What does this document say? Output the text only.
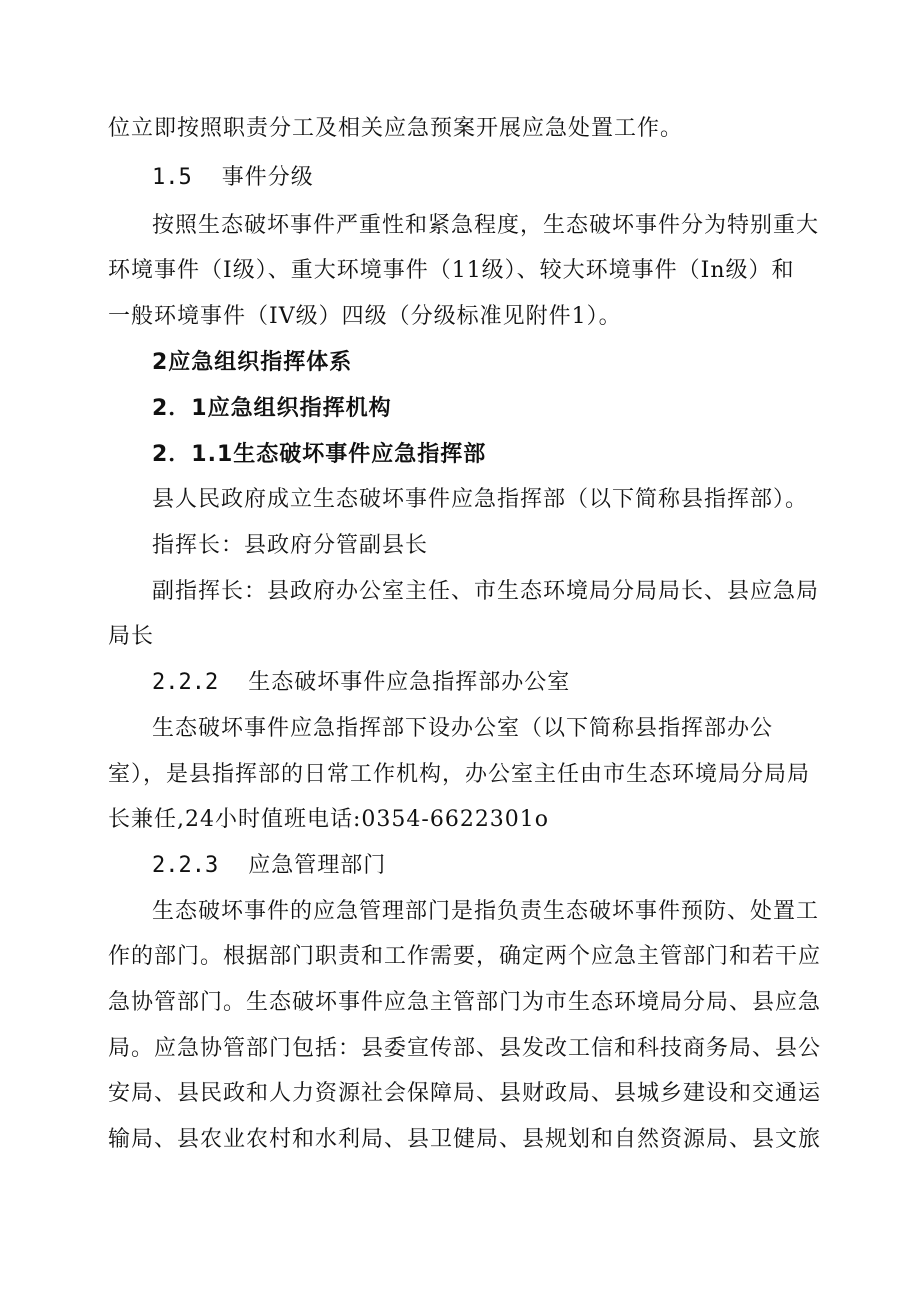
位立即按照职责分工及相关应急预案开展应急处置工作。
1.5 事件分级
按照生态破坏事件严重性和紧急程度，生态破坏事件分为特别重大
环境事件（I级）、重大环境事件（11级）、较大环境事件（In级）和
一般环境事件（IV级）四级（分级标准见附件1）。
2应急组织指挥体系
2．1应急组织指挥机构
2．1.1生态破坏事件应急指挥部
县人民政府成立生态破坏事件应急指挥部（以下简称县指挥部）。
指挥长：县政府分管副县长
副指挥长：县政府办公室主任、市生态环境局分局局长、县应急局
局长
2.2.2 生态破坏事件应急指挥部办公室
生态破坏事件应急指挥部下设办公室（以下简称县指挥部办公
室），是县指挥部的日常工作机构，办公室主任由市生态环境局分局局
长兼任,24小时值班电话:0354-6622301o
2.2.3 应急管理部门
生态破坏事件的应急管理部门是指负责生态破坏事件预防、处置工
作的部门。根据部门职责和工作需要，确定两个应急主管部门和若干应
急协管部门。生态破坏事件应急主管部门为市生态环境局分局、县应急
局。应急协管部门包括：县委宣传部、县发改工信和科技商务局、县公
安局、县民政和人力资源社会保障局、县财政局、县城乡建设和交通运
输局、县农业农村和水利局、县卫健局、县规划和自然资源局、县文旅
